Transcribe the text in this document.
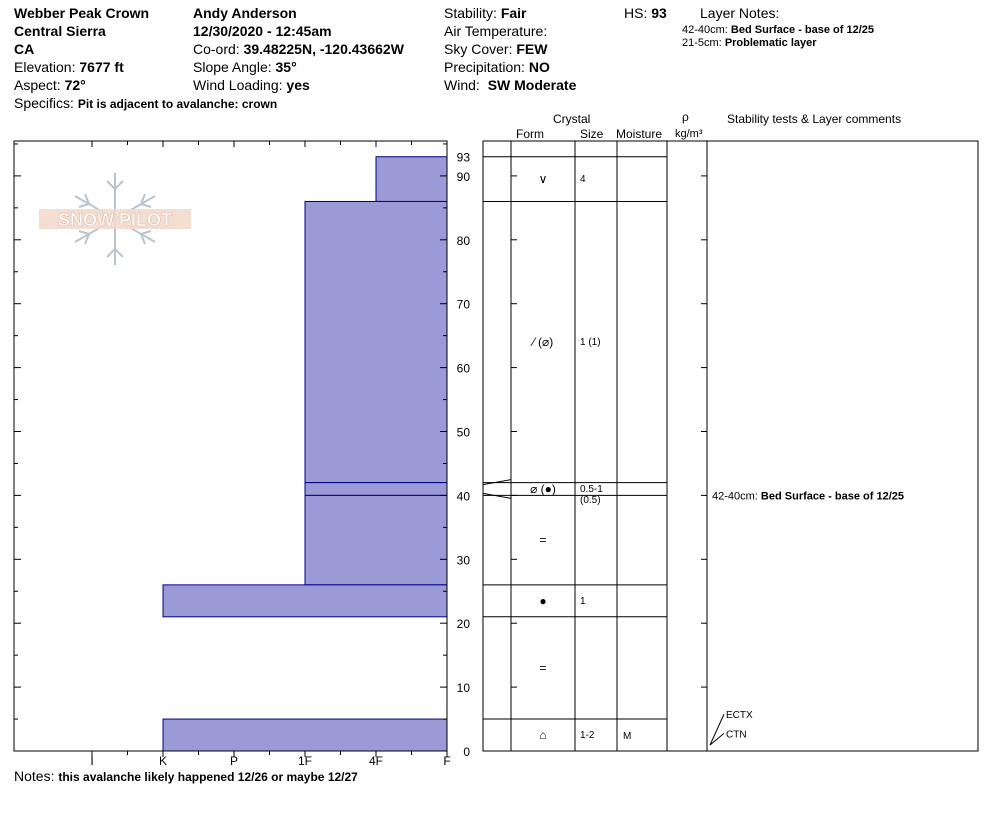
Webber Peak Crown
Central Sierra
CA
Elevation: 7677 ft
Aspect: 72°
Specifics: Pit is adjacent to avalanche: crown
Andy Anderson
12/30/2020 - 12:45am
Co-ord: 39.48225N, -120.43662W
Slope Angle: 35°
Wind Loading: yes
Stability: Fair
Air Temperature:
Sky Cover: FEW
Precipitation: NO
Wind: SW Moderate
HS: 93 Layer Notes:
42-40cm: Bed Surface - base of 12/25
21-5cm: Problematic layer
Crystal
Form	Size Moisture
ρ
kg/m³
Stability tests & Layer comments
SNOW PILOT
0
10
20
30
40
50
60
70
80
90
93
I	K	P	1F	4F	F
∨	4
⁄ (⌀)	1 (1)
⌀ (●) 0.5-1
(0.5)
=
●	1
=
⌂	1-2	M
42-40cm: Bed Surface - base of 12/25
ECTX
CTN
Notes: this avalanche likely happened 12/26 or maybe 12/27
